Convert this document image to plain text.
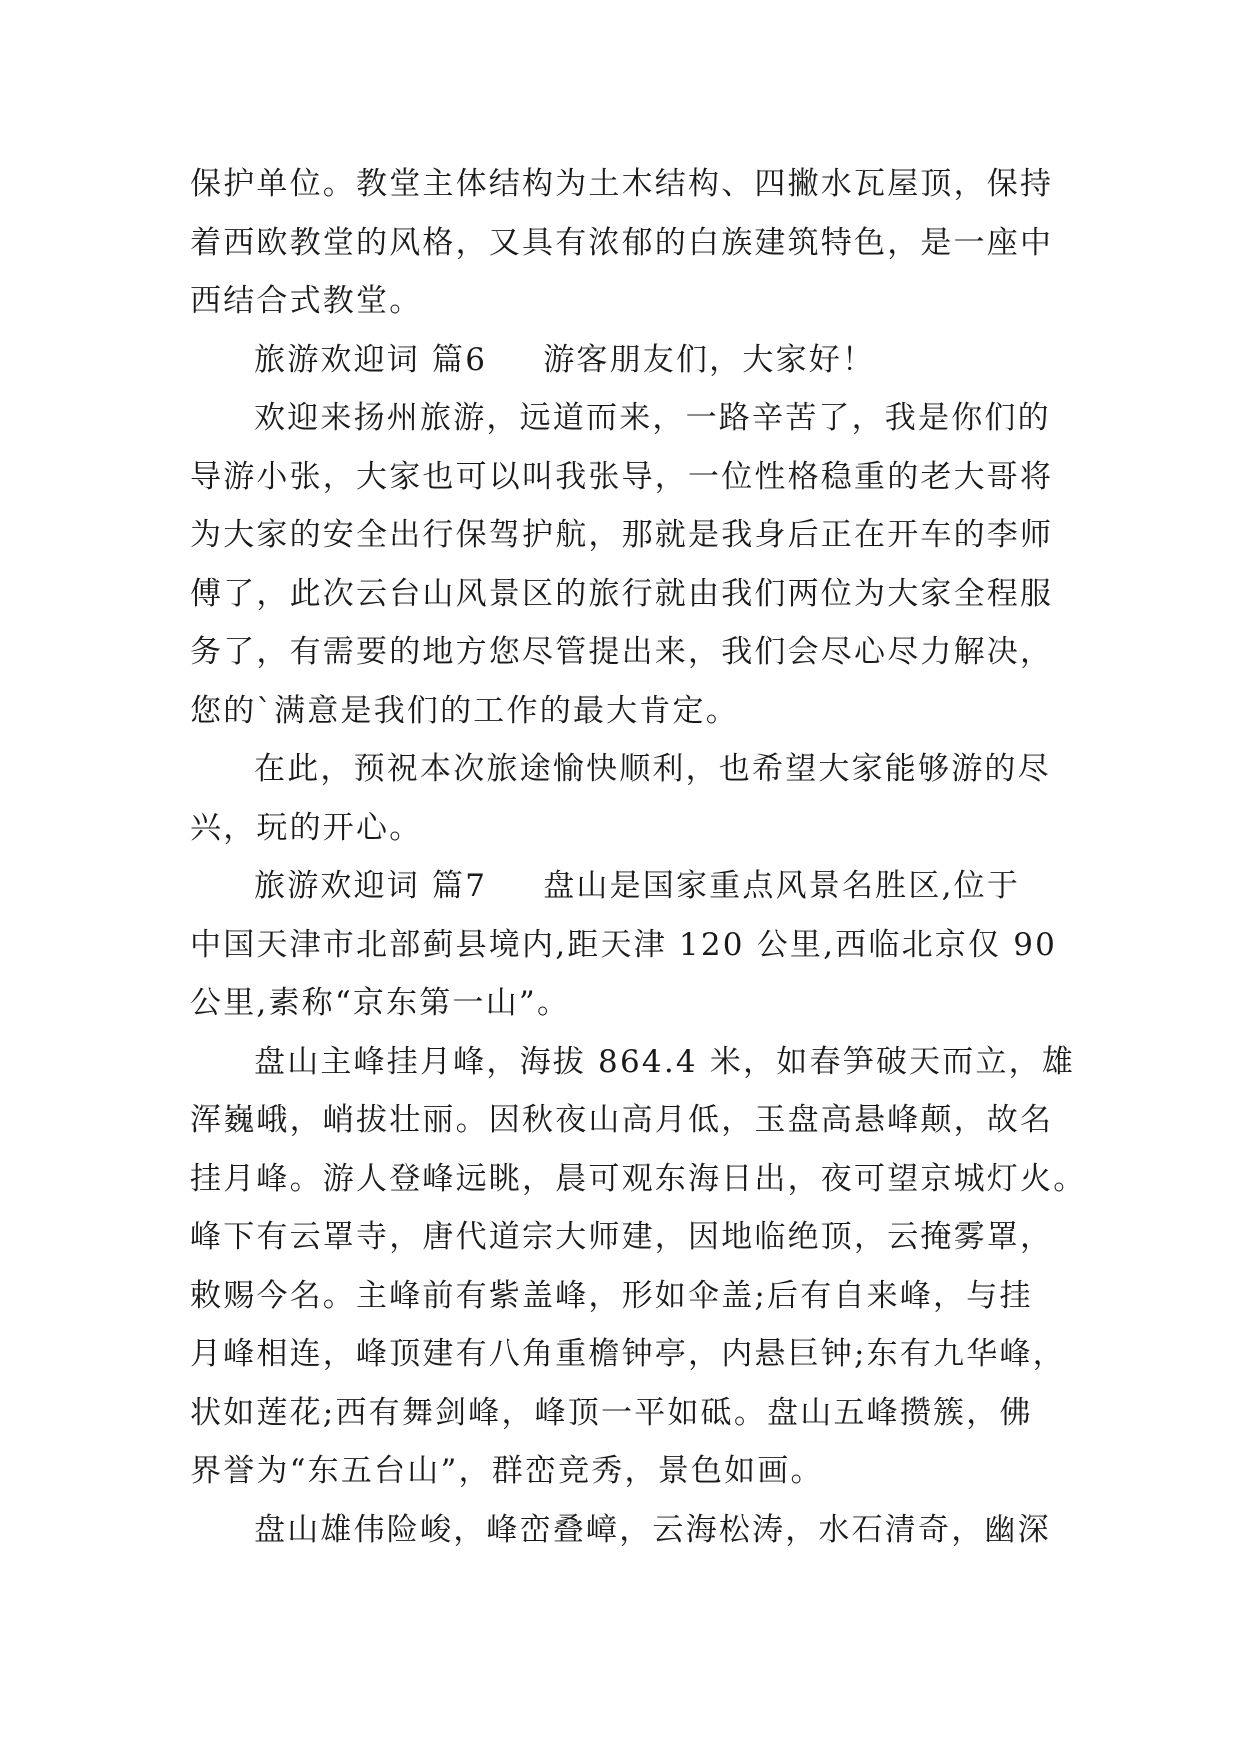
保护单位。教堂主体结构为土木结构、四撇水瓦屋顶，保持
着西欧教堂的风格，又具有浓郁的白族建筑特色，是一座中
西结合式教堂。
旅游欢迎词 篇6 游客朋友们，大家好！
欢迎来扬州旅游，远道而来，一路辛苦了，我是你们的
导游小张，大家也可以叫我张导，一位性格稳重的老大哥将
为大家的安全出行保驾护航，那就是我身后正在开车的李师
傅了，此次云台山风景区的旅行就由我们两位为大家全程服
务了，有需要的地方您尽管提出来，我们会尽心尽力解决，
您的`满意是我们的工作的最大肯定。
在此，预祝本次旅途愉快顺利，也希望大家能够游的尽
兴，玩的开心。
旅游欢迎词 篇7 盘山是国家重点风景名胜区,位于
中国天津市北部蓟县境内,距天津 120 公里,西临北京仅 90
公里,素称“京东第一山”。
盘山主峰挂月峰，海拔 864.4 米，如春笋破天而立，雄
浑巍峨，峭拔壮丽。因秋夜山高月低，玉盘高悬峰颠，故名
挂月峰。游人登峰远眺，晨可观东海日出，夜可望京城灯火。
峰下有云罩寺，唐代道宗大师建，因地临绝顶，云掩雾罩，
敕赐今名。主峰前有紫盖峰，形如伞盖;后有自来峰，与挂
月峰相连，峰顶建有八角重檐钟亭，内悬巨钟;东有九华峰，
状如莲花;西有舞剑峰，峰顶一平如砥。盘山五峰攒簇，佛
界誉为“东五台山”，群峦竞秀，景色如画。
盘山雄伟险峻，峰峦叠嶂，云海松涛，水石清奇，幽深
